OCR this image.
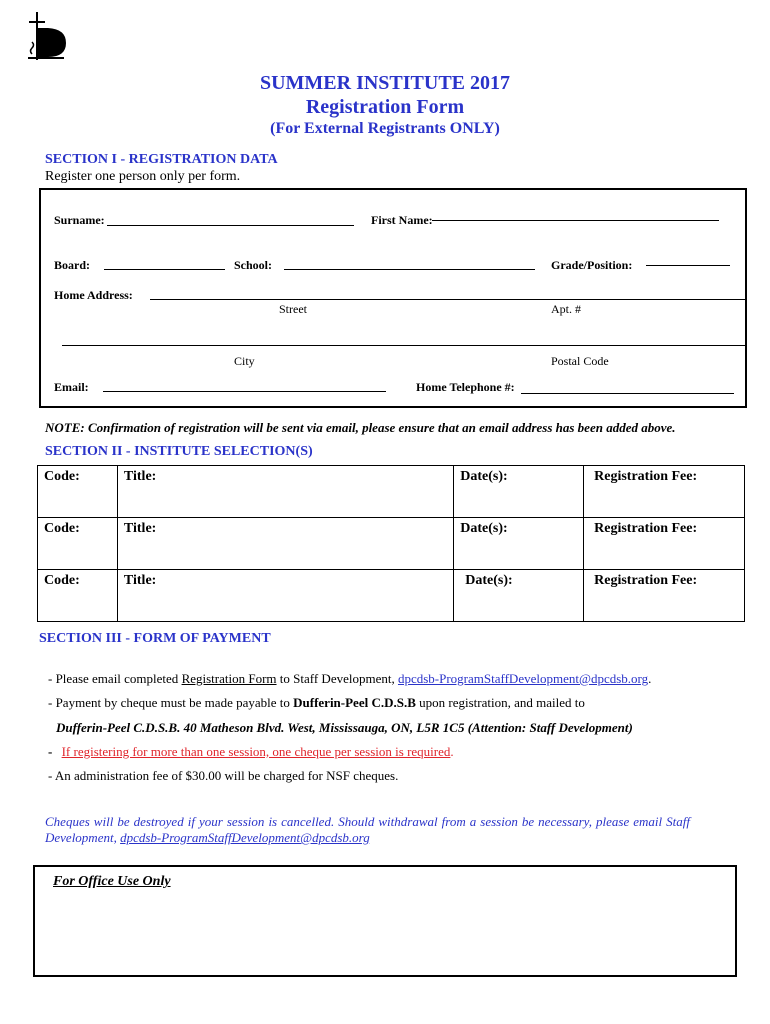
SUMMER INSTITUTE 2017
Registration Form
(For External Registrants ONLY)
SECTION I - REGISTRATION DATA
Register one person only per form.
Surname:	First Name:
Board:	School:	Grade/Position:
Home Address:
Street	Apt. #
City	Postal Code
Email:	Home Telephone #:
NOTE: Confirmation of registration will be sent via email, please ensure that an email address has been added above.
SECTION II - INSTITUTE SELECTION(S)
Code:	Title:	Date(s):	Registration Fee:
Code:	Title:	Date(s):	Registration Fee:
Code:	Title:	Date(s):	Registration Fee:
SECTION III - FORM OF PAYMENT
- Please email completed Registration Form to Staff Development, dpcdsb-ProgramStaffDevelopment@dpcdsb.org.
- Payment by cheque must be made payable to Dufferin-Peel C.D.S.B upon registration, and mailed to
Dufferin-Peel C.D.S.B. 40 Matheson Blvd. West, Mississauga, ON, L5R 1C5 (Attention: Staff Development)
- If registering for more than one session, one cheque per session is required.
- An administration fee of $30.00 will be charged for NSF cheques.
Cheques will be destroyed if your session is cancelled. Should withdrawal from a session be necessary, please email Staff Development, dpcdsb-ProgramStaffDevelopment@dpcdsb.org
For Office Use Only
